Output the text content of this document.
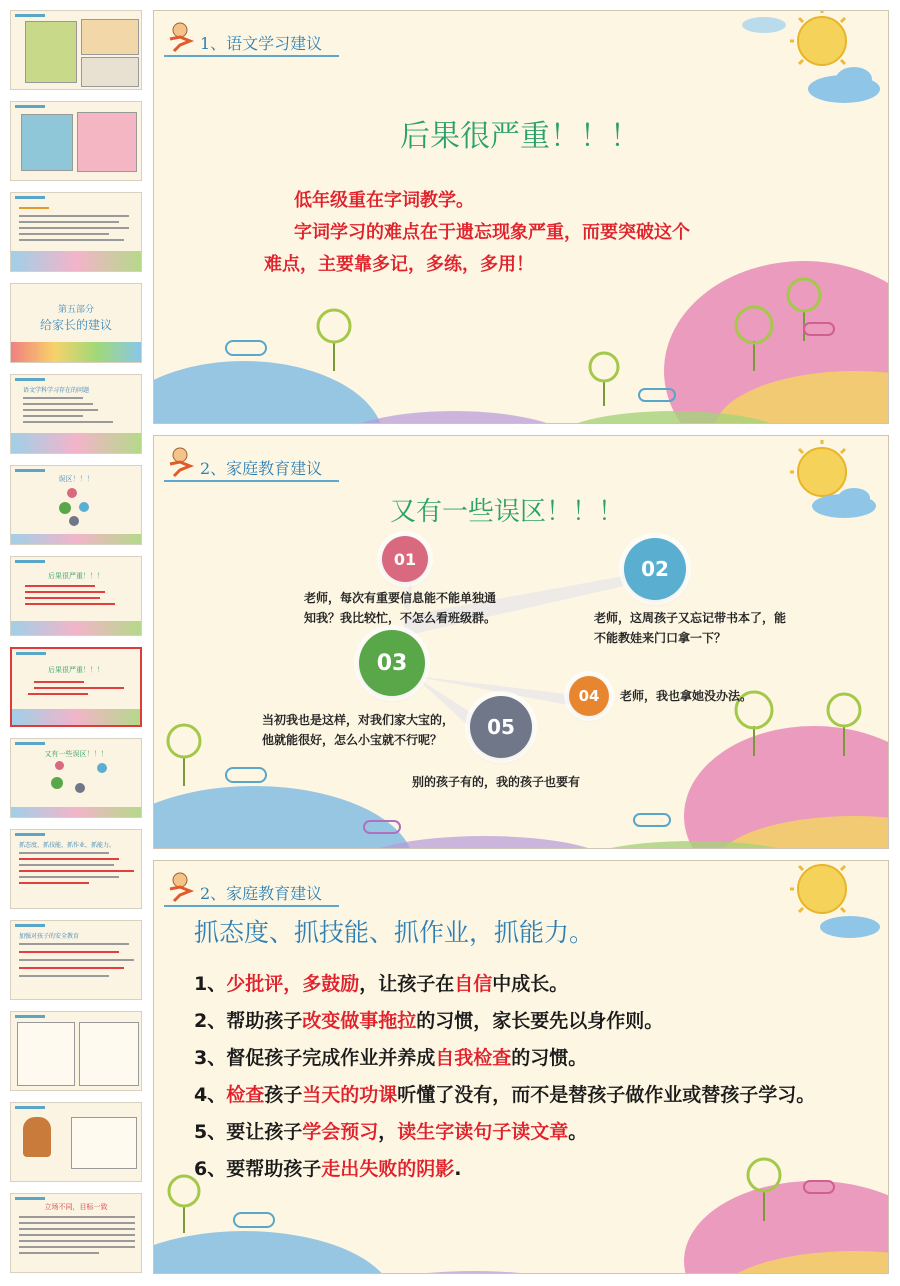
第五部分
给家长的建议
语文学科学习存在的问题
误区！！！
后果很严重！！！
后果很严重！！！
又有一些误区！！！
抓态度、抓技能、抓作业，抓能力。
加强对孩子的安全教育
立场不同，目标一致
1、语文学习建议
后果很严重！！！
低年级重在字词教学。
字词学习的难点在于遗忘现象严重，而要突破这个
难点，主要靠多记，多练，多用！
2、家庭教育建议
又有一些误区！！！
01	02
03
04
05
老师，每次有重要信息能不能单独通
知我？我比较忙，不怎么看班级群。	老师，这周孩子又忘记带书本了，能
不能教娃来门口拿一下？
当初我也是这样，对我们家大宝的，
他就能很好，怎么小宝就不行呢？
老师，我也拿她没办法。
别的孩子有的，我的孩子也要有
2、家庭教育建议
抓态度、抓技能、抓作业，抓能力。
1、少批评，多鼓励，让孩子在自信中成长。
2、帮助孩子改变做事拖拉的习惯，家长要先以身作则。
3、督促孩子完成作业并养成自我检查的习惯。
4、检查孩子当天的功课听懂了没有，而不是替孩子做作业或替孩子学习。
5、要让孩子学会预习，读生字读句子读文章。
6、要帮助孩子走出失败的阴影.
